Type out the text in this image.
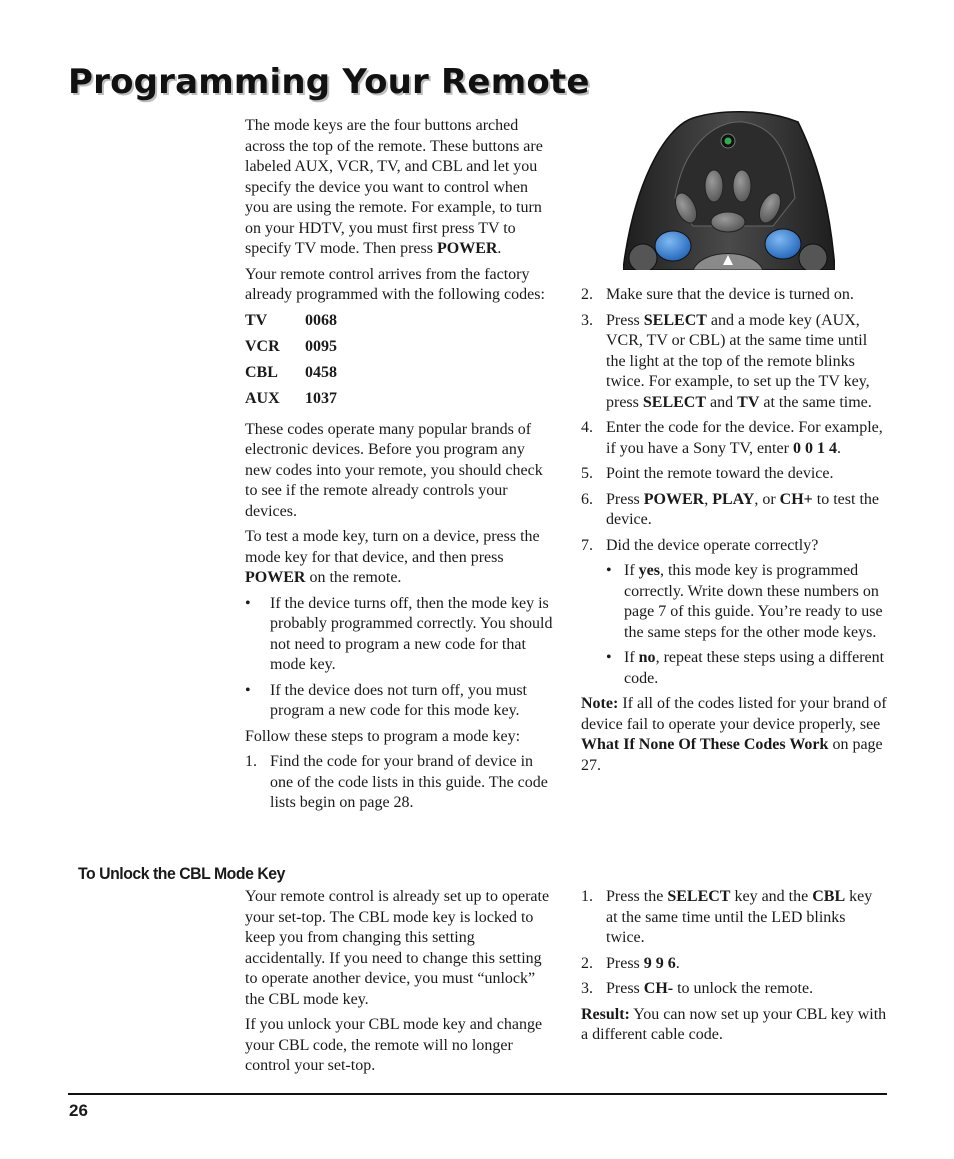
Programming Your Remote

The mode keys are the four buttons arched across the top of the remote. These buttons are labeled AUX, VCR, TV, and CBL and let you specify the device you want to control when you are using the remote. For example, to turn on your HDTV, you must first press TV to specify TV mode. Then press POWER.

Your remote control arrives from the factory already programmed with the following codes:

TV 0068
VCR 0095
CBL 0458
AUX 1037

These codes operate many popular brands of electronic devices. Before you program any new codes into your remote, you should check to see if the remote already controls your devices.

To test a mode key, turn on a device, press the mode key for that device, and then press POWER on the remote.

• If the device turns off, then the mode key is probably programmed correctly. You should not need to program a new code for that mode key.
• If the device does not turn off, you must program a new code for this mode key.

Follow these steps to program a mode key:

1. Find the code for your brand of device in one of the code lists in this guide. The code lists begin on page 28.
2. Make sure that the device is turned on.
3. Press SELECT and a mode key (AUX, VCR, TV or CBL) at the same time until the light at the top of the remote blinks twice. For example, to set up the TV key, press SELECT and TV at the same time.
4. Enter the code for the device. For example, if you have a Sony TV, enter 0 0 1 4.
5. Point the remote toward the device.
6. Press POWER, PLAY, or CH+ to test the device.
7. Did the device operate correctly?
• If yes, this mode key is programmed correctly. Write down these numbers on page 7 of this guide. You’re ready to use the same steps for the other mode keys.
• If no, repeat these steps using a different code.

Note: If all of the codes listed for your brand of device fail to operate your device properly, see What If None Of These Codes Work on page 27.

To Unlock the CBL Mode Key

Your remote control is already set up to operate your set-top. The CBL mode key is locked to keep you from changing this setting accidentally. If you need to change this setting to operate another device, you must “unlock” the CBL mode key.

If you unlock your CBL mode key and change your CBL code, the remote will no longer control your set-top.

1. Press the SELECT key and the CBL key at the same time until the LED blinks twice.
2. Press 9 9 6.
3. Press CH- to unlock the remote.

Result: You can now set up your CBL key with a different cable code.

26
